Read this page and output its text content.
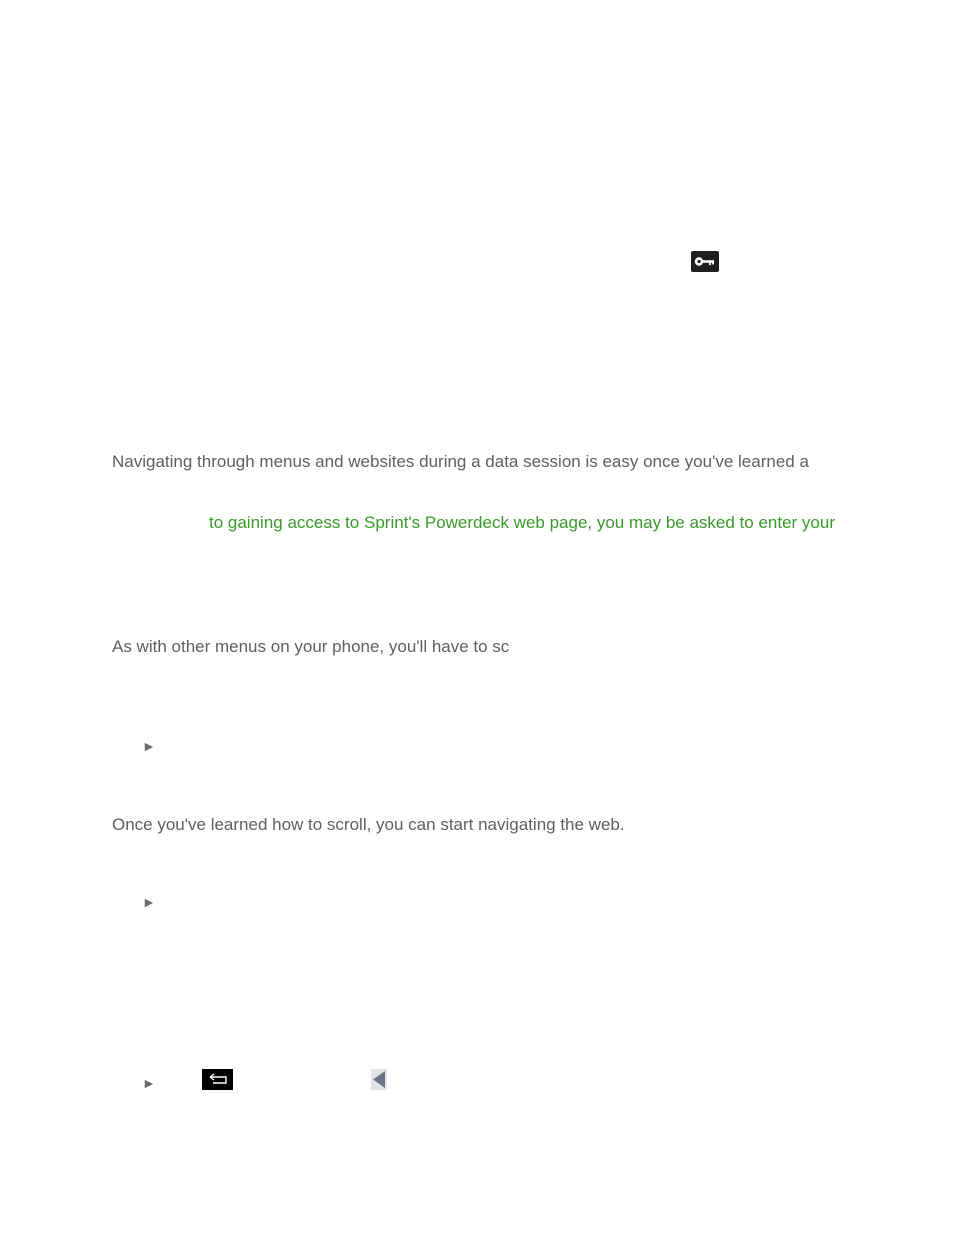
Navigating through menus and websites during a data session is easy once you've learned a
to gaining access to Sprint's Powerdeck web page, you may be asked to enter your
As with other menus on your phone, you'll have to sc
►
Once you've learned how to scroll, you can start navigating the web.
►
►
